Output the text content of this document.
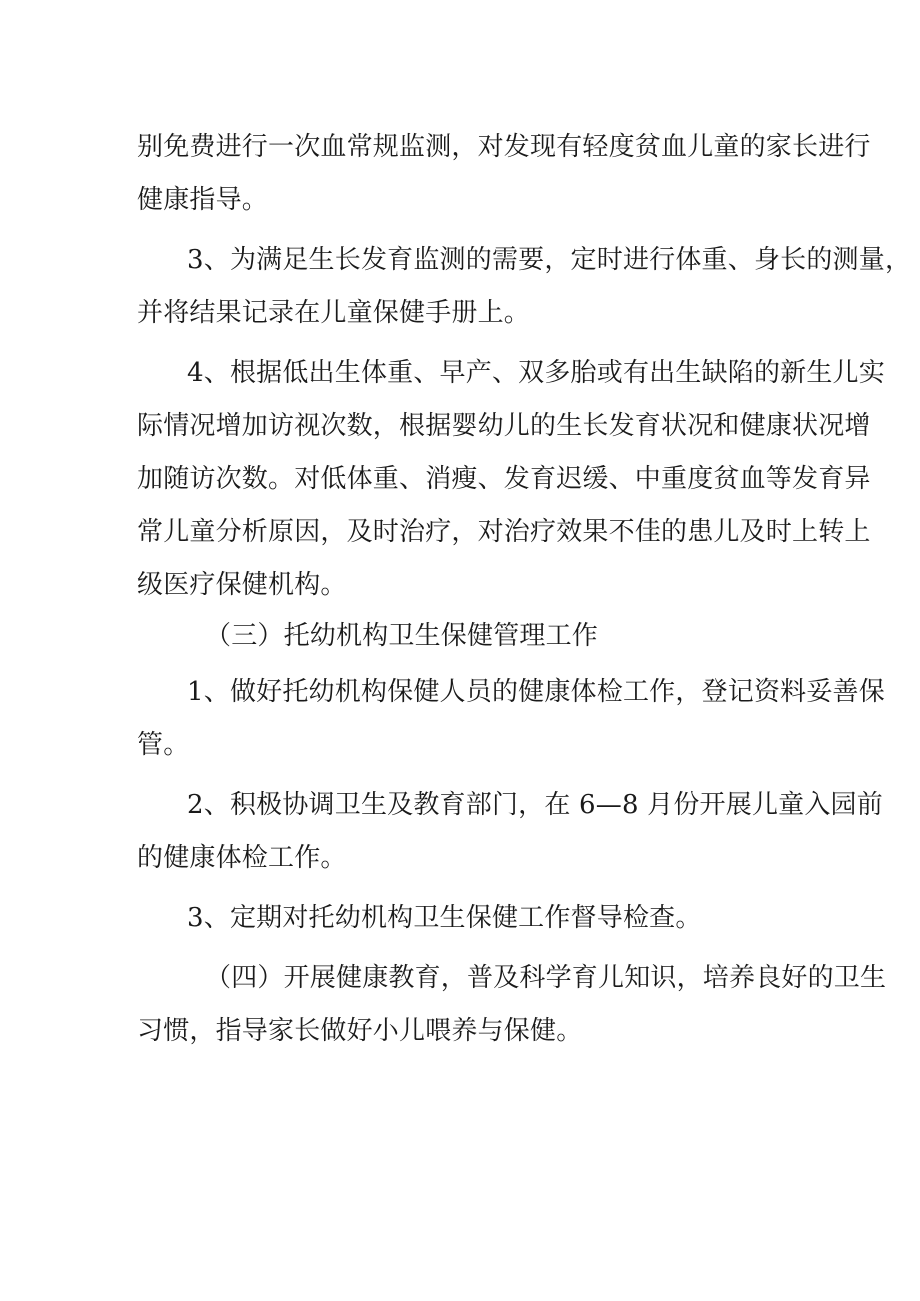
别免费进行一次血常规监测，对发现有轻度贫血儿童的家长进行
健康指导。
3、为满足生长发育监测的需要，定时进行体重、身长的测量，
并将结果记录在儿童保健手册上。
4、根据低出生体重、早产、双多胎或有出生缺陷的新生儿实
际情况增加访视次数，根据婴幼儿的生长发育状况和健康状况增
加随访次数。对低体重、消瘦、发育迟缓、中重度贫血等发育异
常儿童分析原因，及时治疗，对治疗效果不佳的患儿及时上转上
级医疗保健机构。
（三）托幼机构卫生保健管理工作
1、做好托幼机构保健人员的健康体检工作，登记资料妥善保
管。
2、积极协调卫生及教育部门，在 6—8 月份开展儿童入园前
的健康体检工作。
3、定期对托幼机构卫生保健工作督导检查。
（四）开展健康教育，普及科学育儿知识，培养良好的卫生
习惯，指导家长做好小儿喂养与保健。
